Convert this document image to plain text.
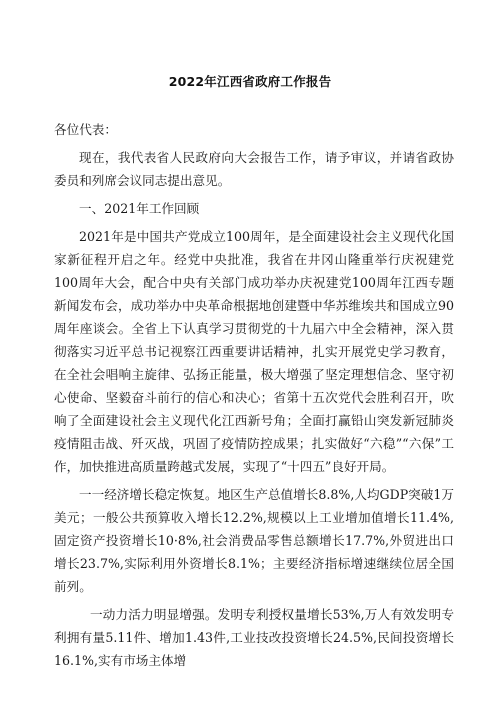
2022年江西省政府工作报告

各位代表：

现在，我代表省人民政府向大会报告工作，请予审议，并请省政协委员和列席会议同志提出意见。

一、2021年工作回顾

2021年是中国共产党成立100周年，是全面建设社会主义现代化国家新征程开启之年。经党中央批准，我省在井冈山隆重举行庆祝建党100周年大会，配合中央有关部门成功举办庆祝建党100周年江西专题新闻发布会，成功举办中央革命根据地创建暨中华苏维埃共和国成立90周年座谈会。全省上下认真学习贯彻党的十九届六中全会精神，深入贯彻落实习近平总书记视察江西重要讲话精神，扎实开展党史学习教育，在全社会唱响主旋律、弘扬正能量，极大增强了坚定理想信念、坚守初心使命、坚毅奋斗前行的信心和决心；省第十五次党代会胜利召开，吹响了全面建设社会主义现代化江西新号角；全面打赢铅山突发新冠肺炎疫情阻击战、歼灭战，巩固了疫情防控成果；扎实做好“六稳”“六保”工作，加快推进高质量跨越式发展，实现了“十四五”良好开局。

一一经济增长稳定恢复。地区生产总值增长8.8%,人均GDP突破1万美元；一般公共预算收入增长12.2%,规模以上工业增加值增长11.4%,固定资产投资增长10·8%,社会消费品零售总额增长17.7%,外贸进出口增长23.7%,实际利用外资增长8.1%；主要经济指标增速继续位居全国前列。

一动力活力明显增强。发明专利授权量增长53%,万人有效发明专利拥有量5.11件、增加1.43件,工业技改投资增长24.5%,民间投资增长16.1%,实有市场主体增
